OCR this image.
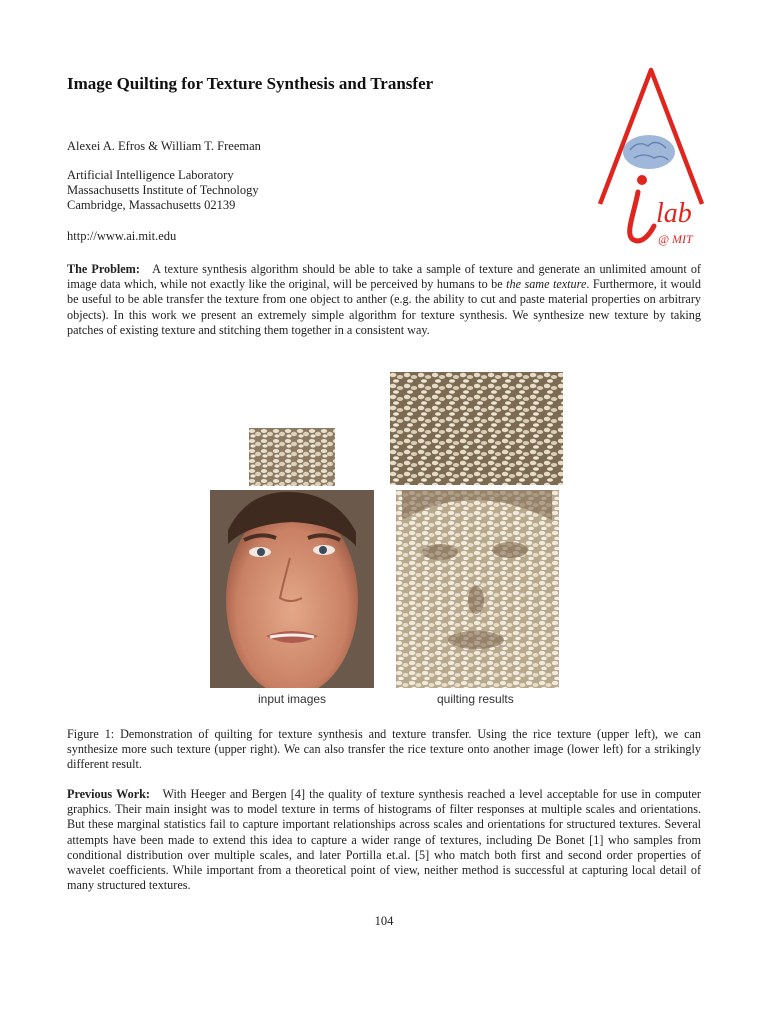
Image Quilting for Texture Synthesis and Transfer
Alexei A. Efros & William T. Freeman
Artificial Intelligence Laboratory
Massachusetts Institute of Technology
Cambridge, Massachusetts 02139
http://www.ai.mit.edu
lab
@ MIT

The Problem: A texture synthesis algorithm should be able to take a sample of texture and generate an unlimited amount of image data which, while not exactly like the original, will be perceived by humans to be the same texture. Furthermore, it would be useful to be able transfer the texture from one object to anther (e.g. the ability to cut and paste material properties on arbitrary objects). In this work we present an extremely simple algorithm for texture synthesis. We synthesize new texture by taking patches of existing texture and stitching them together in a consistent way.

input images	quilting results

Figure 1: Demonstration of quilting for texture synthesis and texture transfer. Using the rice texture (upper left), we can synthesize more such texture (upper right). We can also transfer the rice texture onto another image (lower left) for a strikingly different result.

Previous Work: With Heeger and Bergen [4] the quality of texture synthesis reached a level acceptable for use in computer graphics. Their main insight was to model texture in terms of histograms of filter responses at multiple scales and orientations. But these marginal statistics fail to capture important relationships across scales and orientations for structured textures. Several attempts have been made to extend this idea to capture a wider range of textures, including De Bonet [1] who samples from conditional distribution over multiple scales, and later Portilla et.al. [5] who match both first and second order properties of wavelet coefficients. While important from a theoretical point of view, neither method is successful at capturing local detail of many structured textures.

104
